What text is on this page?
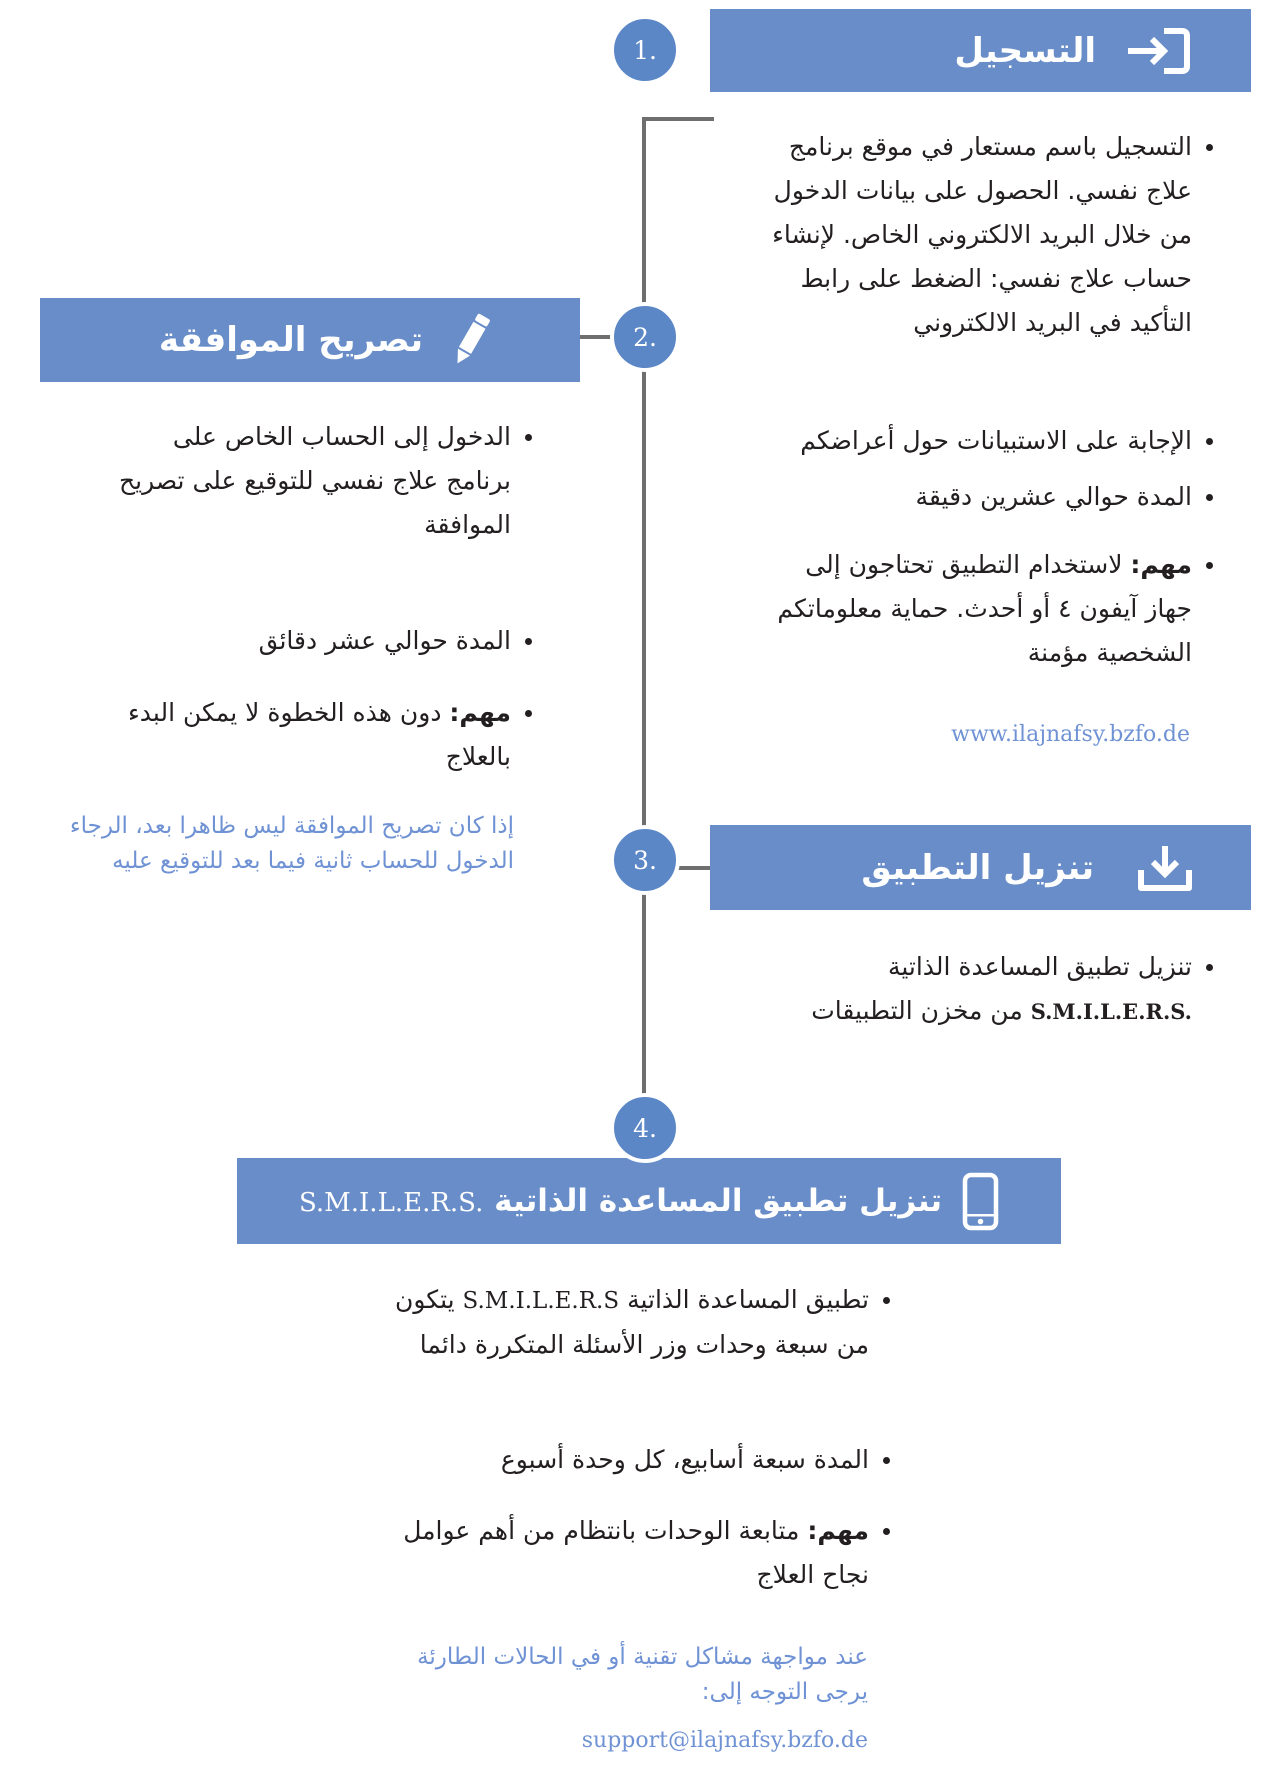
1.
2.
3.
4.
التسجيل
التسجيل باسم مستعار في موقع برنامج علاج نفسي. الحصول على بيانات الدخول من خلال البريد الالكتروني الخاص. لإنشاء حساب علاج نفسي: الضغط على رابط التأكيد في البريد الالكتروني
الإجابة على الاستبيانات حول أعراضكم
المدة حوالي عشرين دقيقة
مهم: لاستخدام التطبيق تحتاجون إلى جهاز آيفون ٤ أو أحدث. حماية معلوماتكم الشخصية مؤمنة
www.ilajnafsy.bzfo.de
تصريح الموافقة
الدخول إلى الحساب الخاص على برنامج علاج نفسي للتوقيع على تصريح الموافقة
المدة حوالي عشر دقائق
مهم: دون هذه الخطوة لا يمكن البدء بالعلاج
إذا كان تصريح الموافقة ليس ظاهرا بعد، الرجاء الدخول للحساب ثانية فيما بعد للتوقيع عليه	تنزيل التطبيق
تنزيل تطبيق المساعدة الذاتية S.M.I.L.E.R.S. من مخزن التطبيقات
تنزيل تطبيق المساعدة الذاتية S.M.I.L.E.R.S.
تطبيق المساعدة الذاتية S.M.I.L.E.R.S يتكون من سبعة وحدات وزر الأسئلة المتكررة دائما
المدة سبعة أسابيع، كل وحدة أسبوع
مهم: متابعة الوحدات بانتظام من أهم عوامل نجاح العلاج
عند مواجهة مشاكل تقنية أو في الحالات الطارئة يرجى التوجه إلى:
support@ilajnafsy.bzfo.de
